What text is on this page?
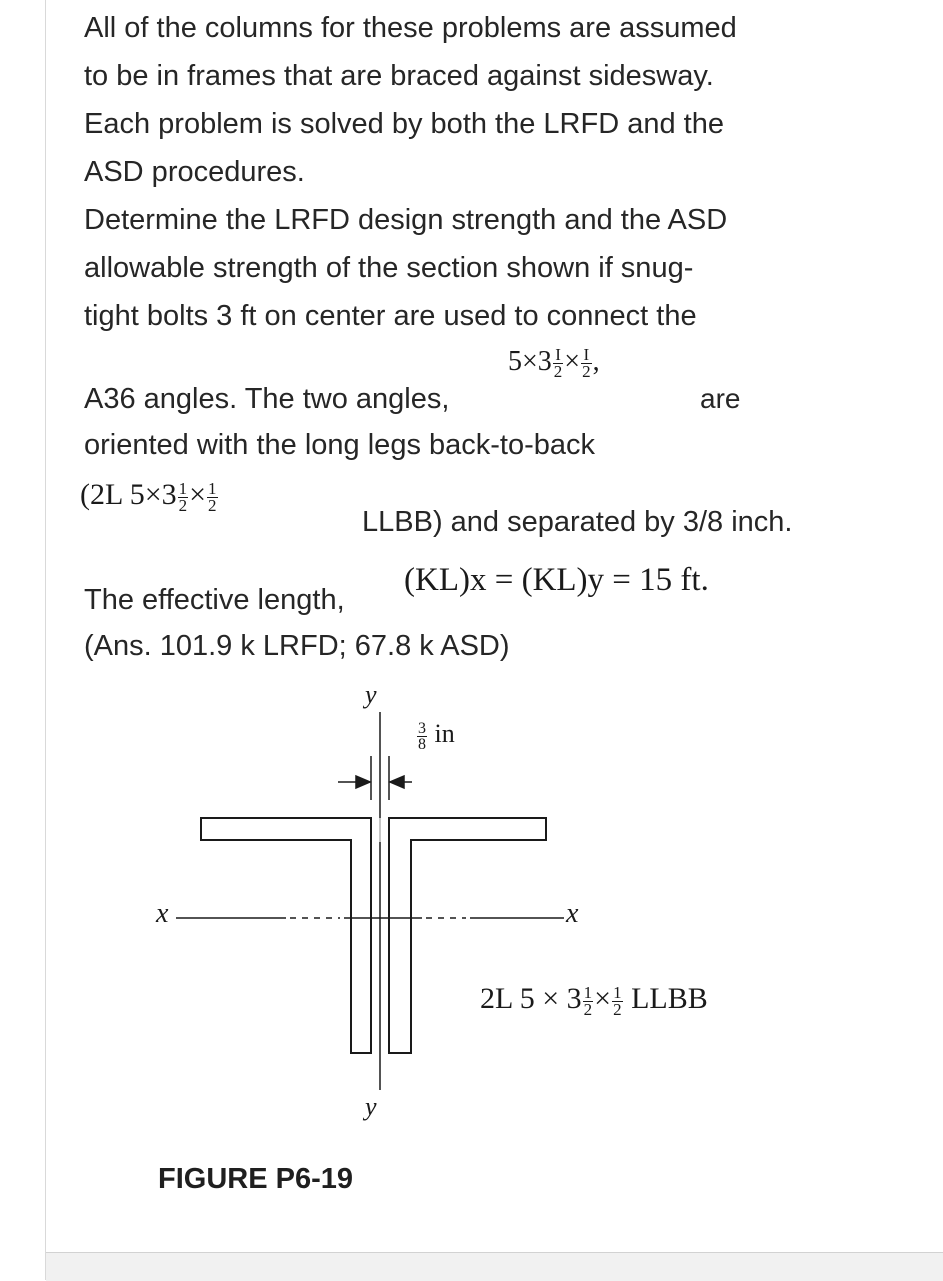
All of the columns for these problems are assumed
to be in frames that are braced against sidesway.
Each problem is solved by both the LRFD and the
ASD procedures.
Determine the LRFD design strength and the ASD
allowable strength of the section shown if snug-
tight bolts 3 ft on center are used to connect the
$5\times 3 \frac{I}{2} \times \frac{I}{2}$ ,
are
A36 angles. The two angles,
oriented with the long legs back-to-back
(2L $5\times 3 \frac{1}{2} \times \frac{1}{2}$
LLBB) and separated by 3/8 inch.
(KL)x = (KL)y = 15 ft.
The effective length,
(Ans. 101.9 k LRFD; 67.8 k ASD)
y
y
x	x
$\frac{3}{8}$ in
2L $5 \times 3 \frac{1}{2} \times \frac{1}{2}$ LLBB
FIGURE P6-19
